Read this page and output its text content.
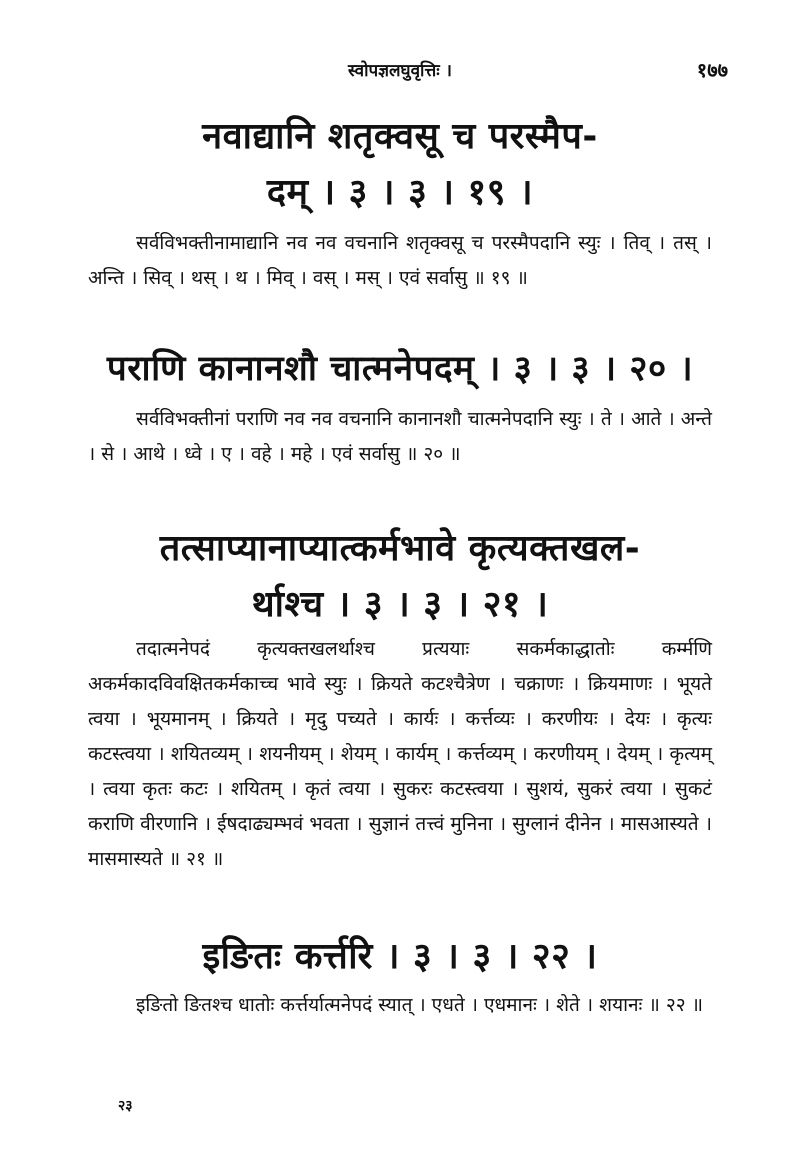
स्वोपज्ञलघुवृत्तिः ।	१७७
नवाद्यानि शतृक्वसू च परस्मैप-
दम् । ३ । ३ । १९ ।
सर्वविभक्तीनामाद्यानि नव नव वचनानि शतृक्वसू च परस्मैपदानि स्युः । तिव् । तस् । अन्ति । सिव् । थस् । थ । मिव् । वस् । मस् । एवं सर्वासु ॥ १९ ॥
पराणि कानानशौ चात्मनेपदम् । ३ । ३ । २० ।
सर्वविभक्तीनां पराणि नव नव वचनानि कानानशौ चात्मनेपदानि स्युः । ते । आते । अन्ते । से । आथे । ध्वे । ए । वहे । महे । एवं सर्वासु ॥ २० ॥
तत्साप्यानाप्यात्कर्मभावे कृत्यक्तखल-
र्थाश्च । ३ । ३ । २१ ।
तदात्मनेपदं कृत्यक्तखलर्थाश्च प्रत्ययाः सकर्मकाद्धातोः कर्म्मणि अकर्मकादविवक्षितकर्मकाच्च भावे स्युः । क्रियते कटश्चैत्रेण । चक्राणः । क्रियमाणः । भूयते त्वया । भूयमानम् । क्रियते । मृदु पच्यते । कार्यः । कर्त्तव्यः । करणीयः । देयः । कृत्यः कटस्त्वया । शयितव्यम् । शयनीयम् । शेयम् । कार्यम् । कर्त्तव्यम् । करणीयम् । देयम् । कृत्यम् । त्वया कृतः कटः । शयितम् । कृतं त्वया । सुकरः कटस्त्वया । सुशयं, सुकरं त्वया । सुकटं कराणि वीरणानि । ईषदाढ्यम्भवं भवता । सुज्ञानं तत्त्वं मुनिना । सुग्लानं दीनेन । मासआस्यते । मासमास्यते ॥ २१ ॥
इङितः कर्त्तरि । ३ । ३ । २२ ।
इङितो ङितश्च धातोः कर्त्तर्यात्मनेपदं स्यात् । एधते । एधमानः । शेते । शयानः ॥ २२ ॥
२३
